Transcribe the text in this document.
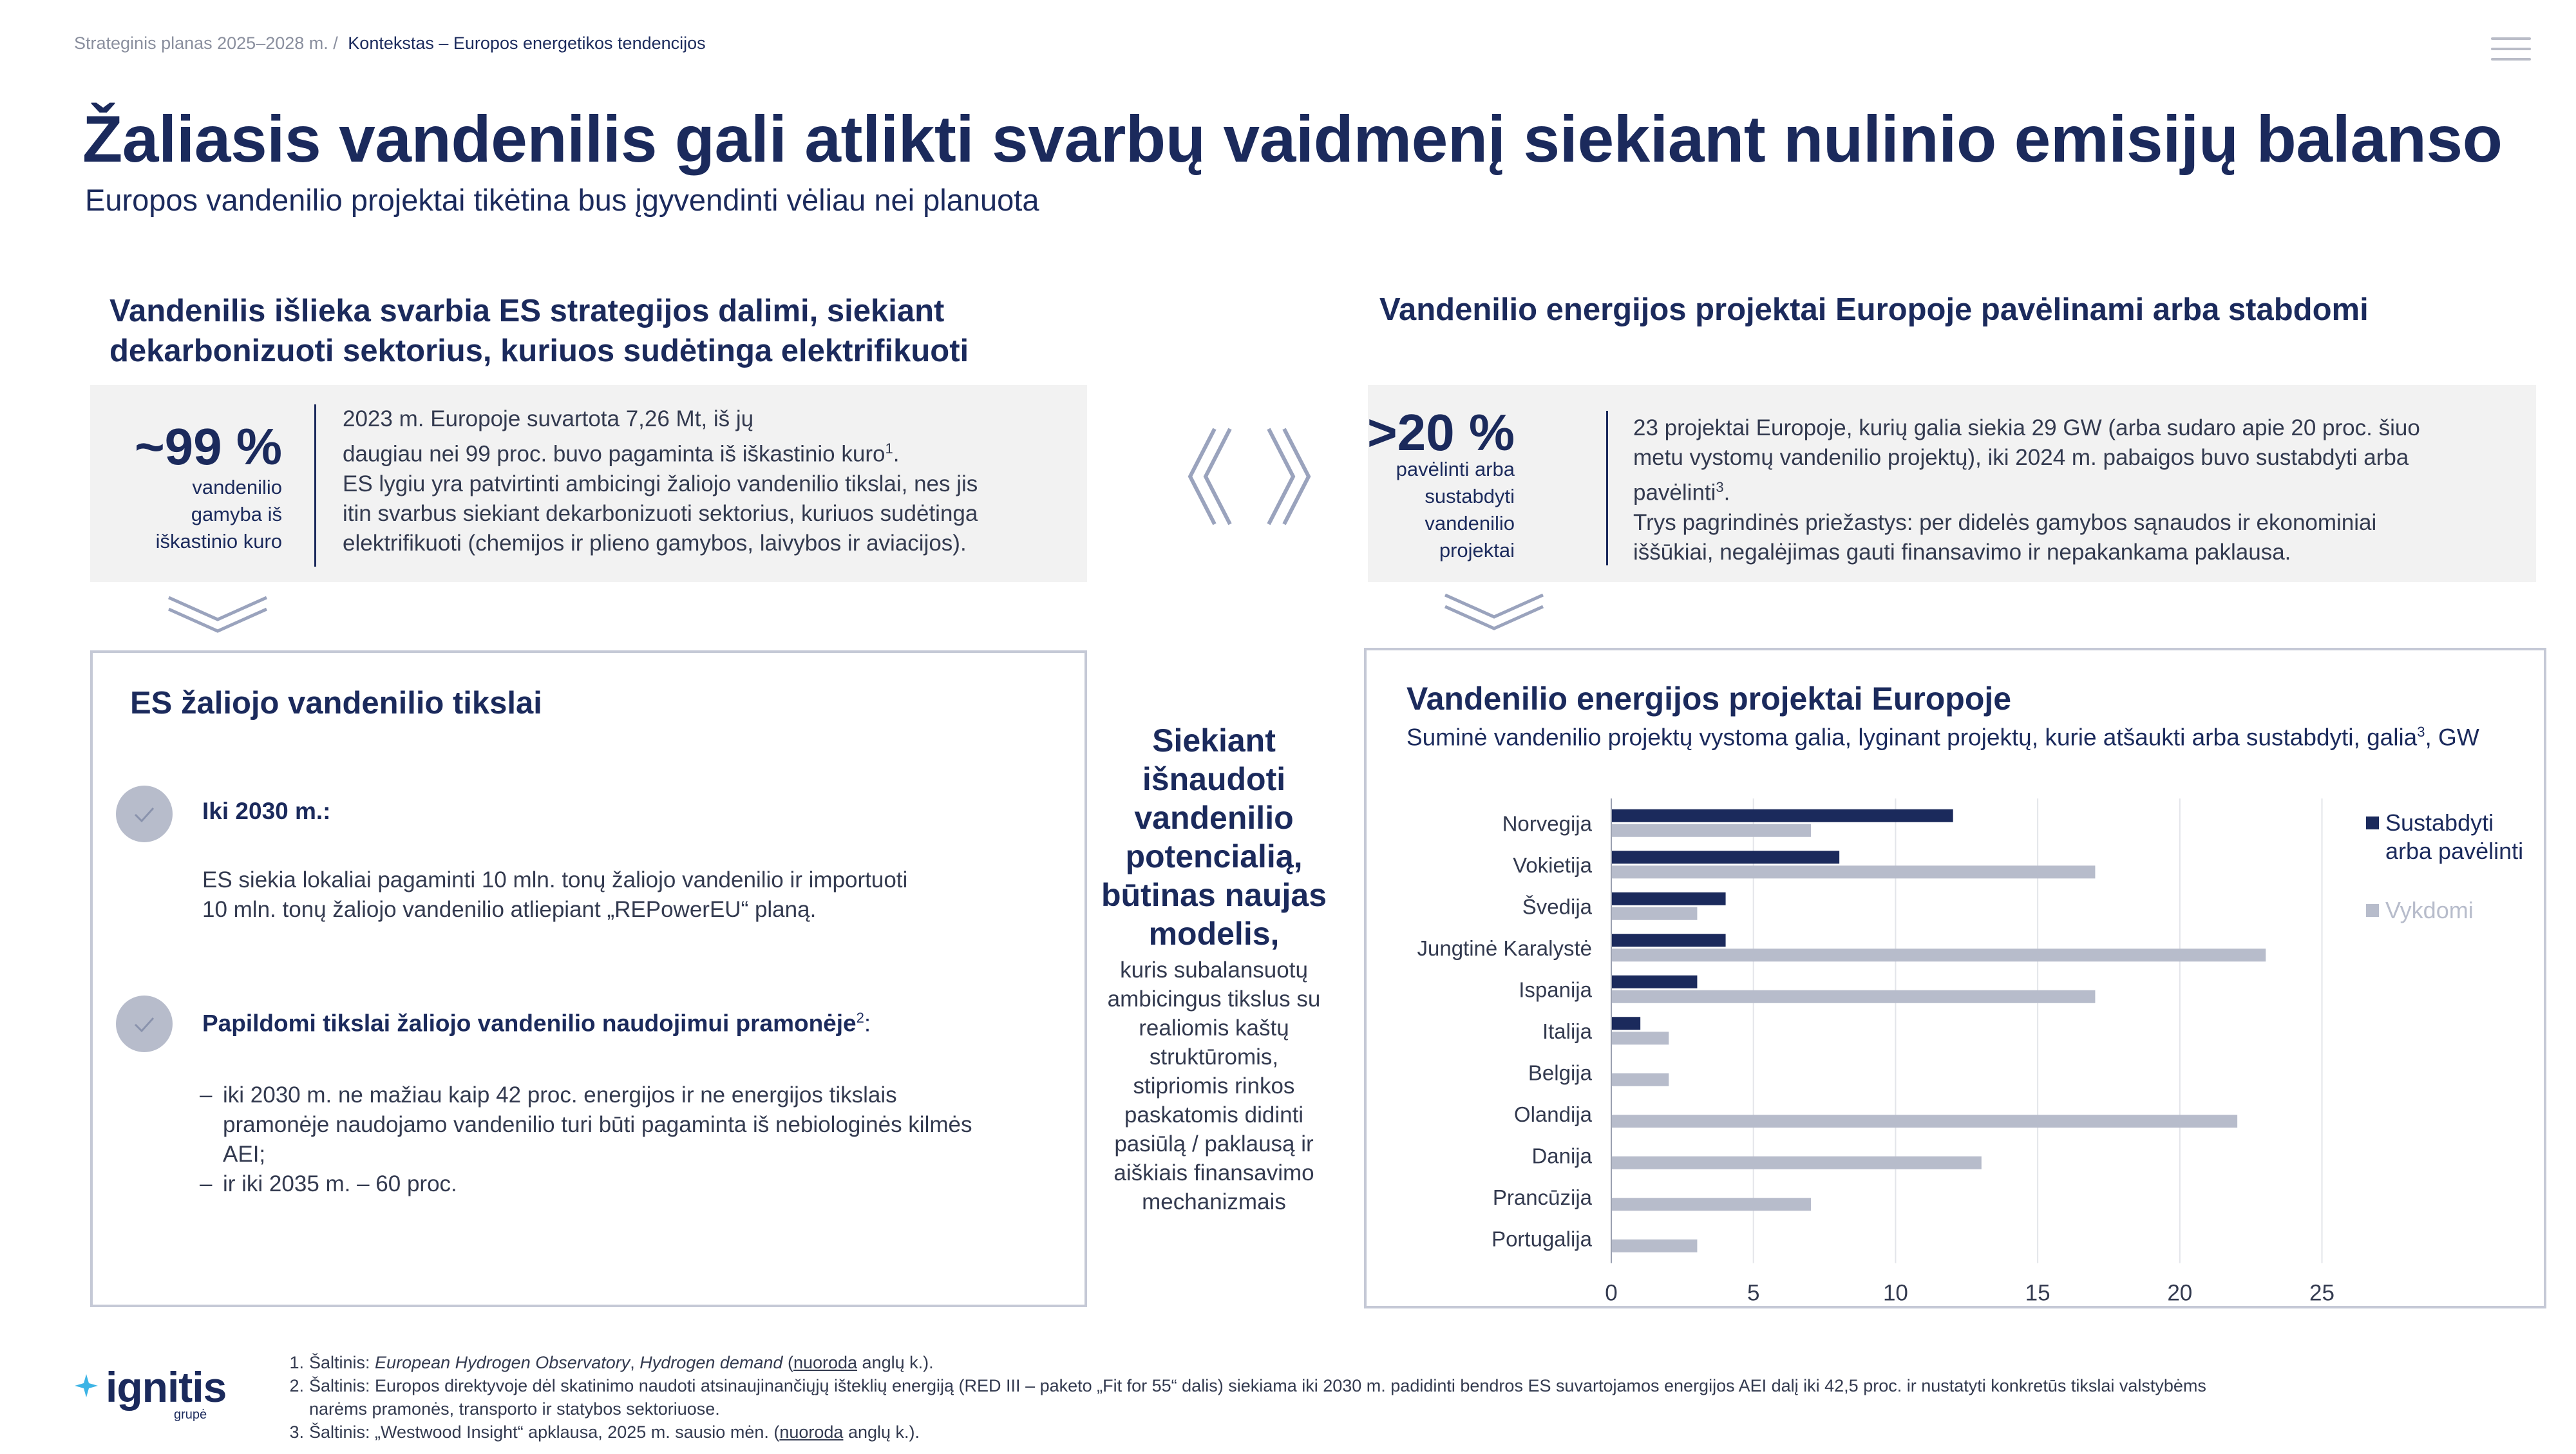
Strateginis planas 2025–2028 m. / Kontekstas – Europos energetikos tendencijos
Žaliasis vandenilis gali atlikti svarbų vaidmenį siekiant nulinio emisijų balanso
Europos vandenilio projektai tikėtina bus įgyvendinti vėliau nei planuota
Vandenilis išlieka svarbia ES strategijos dalimi, siekiant
dekarbonizuoti sektorius, kuriuos sudėtinga elektrifikuoti
~99 %
vandenilio
gamyba iš
iškastinio kuro
2023 m. Europoje suvartota 7,26 Mt, iš jų
daugiau nei 99 proc. buvo pagaminta iš iškastinio kuro$^1$.
ES lygiu yra patvirtinti ambicingi žaliojo vandenilio tikslai, nes jis
itin svarbus siekiant dekarbonizuoti sektorius, kuriuos sudėtinga
elektrifikuoti (chemijos ir plieno gamybos, laivybos ir aviacijos).
ES žaliojo vandenilio tikslai
Iki 2030 m.:
ES siekia lokaliai pagaminti 10 mln. tonų žaliojo vandenilio ir importuoti
10 mln. tonų žaliojo vandenilio atliepiant „REPowerEU“ planą.
Papildomi tikslai žaliojo vandenilio naudojimui pramonėje$^2$:
– iki 2030 m. ne mažiau kaip 42 proc. energijos ir ne energijos tikslais
pramonėje naudojamo vandenilio turi būti pagaminta iš nebiologinės kilmės
AEI;
– ir iki 2035 m. – 60 proc.
Siekiant
išnaudoti
vandenilio
potencialią,
būtinas naujas
modelis,
kuris subalansuotų
ambicingus tikslus su
realiomis kaštų
struktūromis,
stipriomis rinkos
paskatomis didinti
pasiūlą / paklausą ir
aiškiais finansavimo
mechanizmais
Vandenilio energijos projektai Europoje pavėlinami arba stabdomi
>20 %
pavėlinti arba
sustabdyti
vandenilio
projektai
23 projektai Europoje, kurių galia siekia 29 GW (arba sudaro apie 20 proc. šiuo
metu vystomų vandenilio projektų), iki 2024 m. pabaigos buvo sustabdyti arba
pavėlinti$^3$.
Trys pagrindinės priežastys: per didelės gamybos sąnaudos ir ekonominiai
iššūkiai, negalėjimas gauti finansavimo ir nepakankama paklausa.
Vandenilio energijos projektai Europoje
Suminė vandenilio projektų vystoma galia, lyginant projektų, kurie atšaukti arba sustabdyti, galia$^3$, GW
0	5	10	15	20	25
Norvegija
Vokietija
Švedija
Jungtinė Karalystė
Ispanija
Italija
Belgija
Olandija
Danija
Prancūzija
Portugalija
Sustabdyti
arba pavėlinti
Vykdomi
ignitis
grupė
1. Šaltinis: European Hydrogen Observatory, Hydrogen demand (nuoroda anglų k.).
2. Šaltinis: Europos direktyvoje dėl skatinimo naudoti atsinaujinančiųjų išteklių energiją (RED III – paketo „Fit for 55“ dalis) siekiama iki 2030 m. padidinti bendros ES suvartojamos energijos AEI dalį iki 42,5 proc. ir nustatyti konkretūs tikslai valstybėms
narėms pramonės, transporto ir statybos sektoriuose.
3. Šaltinis: „Westwood Insight“ apklausa, 2025 m. sausio mėn. (nuoroda anglų k.).
